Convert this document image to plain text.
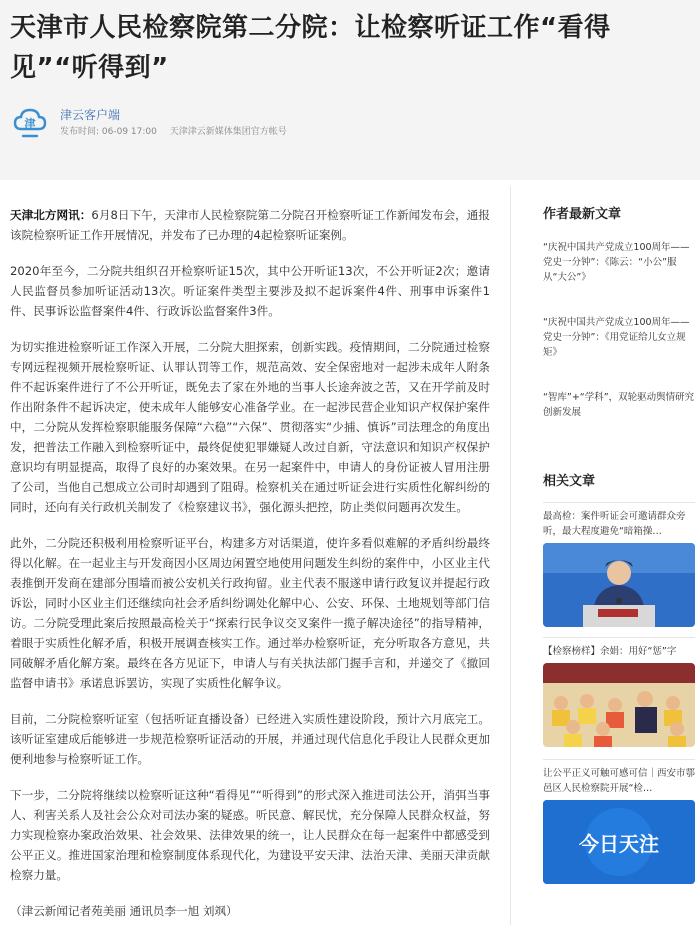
天津市人民检察院第二分院：让检察听证工作“看得见”“听得到”
津
津云客户端
发布时间: 06-09 17:00 天津津云新媒体集团官方帐号

天津北方网讯：6月8日下午，天津市人民检察院第二分院召开检察听证工作新闻发布会，通报该院检察听证工作开展情况，并发布了已办理的4起检察听证案例。

2020年至今，二分院共组织召开检察听证15次，其中公开听证13次，不公开听证2次；邀请人民监督员参加听证活动13次。听证案件类型主要涉及拟不起诉案件4件、刑事申诉案件1件、民事诉讼监督案件4件、行政诉讼监督案件3件。

为切实推进检察听证工作深入开展，二分院大胆探索，创新实践。疫情期间，二分院通过检察专网远程视频开展检察听证、认罪认罚等工作，规范高效、安全保密地对一起涉未成年人附条件不起诉案件进行了不公开听证，既免去了家在外地的当事人长途奔波之苦，又在开学前及时作出附条件不起诉决定，使未成年人能够安心准备学业。在一起涉民营企业知识产权保护案件中，二分院从发挥检察职能服务保障“六稳”“六保”、贯彻落实“少捕、慎诉”司法理念的角度出发，把普法工作融入到检察听证中，最终促使犯罪嫌疑人改过自新，守法意识和知识产权保护意识均有明显提高，取得了良好的办案效果。在另一起案件中，申请人的身份证被人冒用注册了公司，当他自己想成立公司时却遇到了阻碍。检察机关在通过听证会进行实质性化解纠纷的同时，还向有关行政机关制发了《检察建议书》，强化源头把控，防止类似问题再次发生。

此外，二分院还积极利用检察听证平台，构建多方对话渠道，使许多看似难解的矛盾纠纷最终得以化解。在一起业主与开发商因小区周边闲置空地使用问题发生纠纷的案件中，小区业主代表推倒开发商在建部分围墙而被公安机关行政拘留。业主代表不服遂申请行政复议并提起行政诉讼，同时小区业主们还继续向社会矛盾纠纷调处化解中心、公安、环保、土地规划等部门信访。二分院受理此案后按照最高检关于“探索行民争议交叉案件一揽子解决途径”的指导精神，着眼于实质性化解矛盾，积极开展调查核实工作。通过举办检察听证，充分听取各方意见，共同破解矛盾化解方案。最终在各方见证下，申请人与有关执法部门握手言和，并递交了《撤回监督申请书》承诺息诉罢访，实现了实质性化解争议。

目前，二分院检察听证室（包括听证直播设备）已经进入实质性建设阶段，预计六月底完工。该听证室建成后能够进一步规范检察听证活动的开展，并通过现代信息化手段让人民群众更加便利地参与检察听证工作。

下一步，二分院将继续以检察听证这种“看得见”“听得到”的形式深入推进司法公开，消弭当事人、利害关系人及社会公众对司法办案的疑惑。听民意、解民忧，充分保障人民群众权益，努力实现检察办案政治效果、社会效果、法律效果的统一，让人民群众在每一起案件中都感受到公平正义。推进国家治理和检察制度体系现代化，为建设平安天津、法治天津、美丽天津贡献检察力量。

（津云新闻记者苑美丽 通讯员李一旭 刘飒）

作者最新文章
“庆祝中国共产党成立100周年——党史一分钟”：《陈云：“小公”服从“大公”》
“庆祝中国共产党成立100周年——党史一分钟”：《用党证给儿女立规矩》
“智库”+“学科”，双轮驱动舆情研究创新发展
相关文章
最高检：案件听证会可邀请群众旁听，最大程度避免“暗箱操…
【检察榜样】余娟：用好“惩”字
让公平正义可触可感可信｜西安市鄠邑区人民检察院开展“检…
今日天注
